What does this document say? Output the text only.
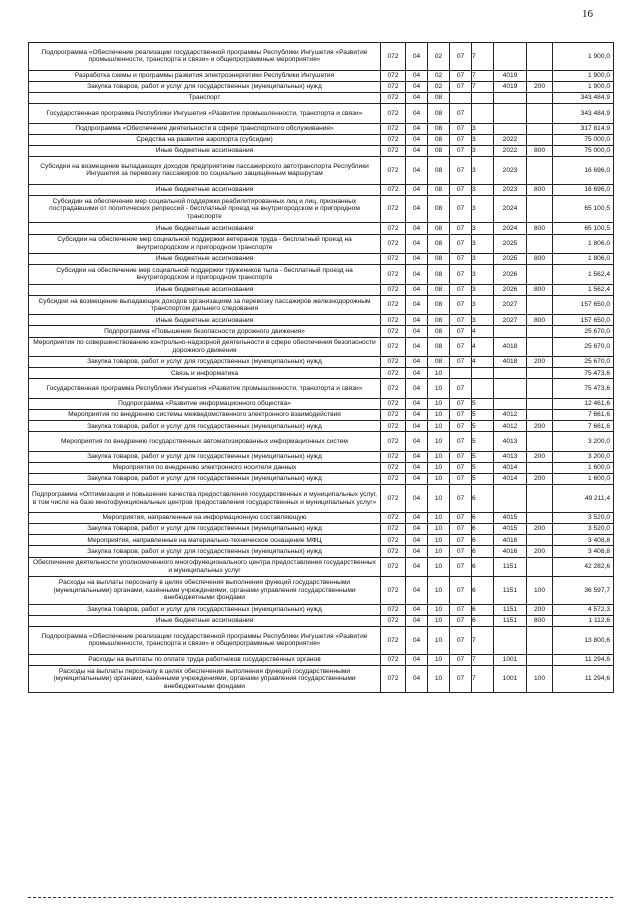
16
Подпрограмма «Обеспечение реализации государственной программы Республики Ингушетия «Развитие промышленности, транспорта и связи» и общепрограммные мероприятия»	072	04	02	07	7			1 900,0
Разработка схемы и программы развития электроэнергетики Республики Ингушетия	072	04	02	07	7	4019		1 900,0
Закупка товаров, работ и услуг для государственных (муниципальных) нужд	072	04	02	07	7	4019	200	1 900,0
Транспорт	072	04	08					343 484,9
Государственная программа Республики Ингушетия «Развитие промышленности, транспорта и связи»	072	04	08	07				343 484,9
Подпрограмма «Обеспечение деятельности в сфере транспортного обслуживания»	072	04	08	07	3			317 814,9
Средства на развитие аэропорта (субсидии)	072	04	08	07	3	2022		75 000,0
Иные бюджетные ассигнования	072	04	08	07	3	2022	800	75 000,0
Субсидии на возмещение выпадающих доходов предприятиям пассажирского автотранспорта Республики Ингушетия за перевозку пассажиров по социально защищённым маршрутам	072	04	08	07	3	2023		16 696,0
Иные бюджетные ассигнования	072	04	08	07	3	2023	800	16 696,0
Субсидии на обеспечение мер социальной поддержки реабилитированных лиц и лиц, признанных пострадавшими от политических репрессий - бесплатный проезд на внутригородском и пригородном транспорте	072	04	08	07	3	2024		65 100,5
Иные бюджетные ассигнования	072	04	08	07	3	2024	800	65 100,5
Субсидии на обеспечение мер социальной поддержки ветеранов труда - бесплатный проезд на внутригородском и пригородном транспорте	072	04	08	07	3	2025		1 806,0
Иные бюджетные ассигнования	072	04	08	07	3	2025	800	1 806,0
Субсидии на обеспечение мер социальной поддержки тружеников тыла - бесплатный проезд на внутригородском и пригородном транспорте	072	04	08	07	3	2026		1 562,4
Иные бюджетные ассигнования	072	04	08	07	3	2026	800	1 562,4
Субсидии на возмещение выпадающих доходов организациям за перевозку пассажиров железнодорожным транспортом дальнего следования	072	04	08	07	3	2027		157 650,0
Иные бюджетные ассигнования	072	04	08	07	3	2027	800	157 650,0
Подпрограмма «Повышение безопасности дорожного движения»	072	04	08	07	4			25 670,0
Мероприятия по совершенствованию контрольно-надзорной деятельности в сфере обеспечения безопасности дорожного движения	072	04	08	07	4	4018		25 670,0
Закупка товаров, работ и услуг для государственных (муниципальных) нужд	072	04	08	07	4	4018	200	25 670,0
Связь и информатика	072	04	10					75 473,6
Государственная программа Республики Ингушетия «Развитие промышленности, транспорта и связи»	072	04	10	07				75 473,6
Подпрограмма «Развитие информационного общества»	072	04	10	07	5			12 461,6
Мероприятия по внедрению системы межведомственного электронного взаимодействия	072	04	10	07	5	4012		7 661,6
Закупка товаров, работ и услуг для государственных (муниципальных) нужд	072	04	10	07	5	4012	200	7 661,6
Мероприятия по внедрению государственных автоматизированных информационных систем	072	04	10	07	5	4013		3 200,0
Закупка товаров, работ и услуг для государственных (муниципальных) нужд	072	04	10	07	5	4013	200	3 200,0
Мероприятия по внедрению электронного носителя данных	072	04	10	07	5	4014		1 600,0
Закупка товаров, работ и услуг для государственных (муниципальных) нужд	072	04	10	07	5	4014	200	1 600,0
Подпрограмма «Оптимизация и повышение качества предоставления государственных и муниципальных услуг, в том числе на базе многофункциональных центров предоставления государственных и муниципальных услуг»	072	04	10	07	6			49 211,4
Мероприятия, направленные на информационную составляющую	072	04	10	07	6	4015		3 520,0
Закупка товаров, работ и услуг для государственных (муниципальных) нужд	072	04	10	07	6	4015	200	3 520,0
Мероприятия, направленные на материально-техническое оснащение МФЦ	072	04	10	07	6	4016		3 408,8
Закупка товаров, работ и услуг для государственных (муниципальных) нужд	072	04	10	07	6	4016	200	3 408,8
Обеспечение деятельности уполномоченного многофункционального центра предоставления государственных и муниципальных услуг	072	04	10	07	6	1151		42 282,6
Расходы на выплаты персоналу в целях обеспечения выполнения функций государственными (муниципальными) органами, казёнными учреждениями, органами управления государственными внебюджетными фондами	072	04	10	07	6	1151	100	36 597,7
Закупка товаров, работ и услуг для государственных (муниципальных) нужд	072	04	10	07	6	1151	200	4 572,3
Иные бюджетные ассигнования	072	04	10	07	6	1151	800	1 112,6
Подпрограмма «Обеспечение реализации государственной программы Республики Ингушетия «Развитие промышленности, транспорта и связи» и общепрограммные мероприятия»	072	04	10	07	7			13 800,6
Расходы на выплаты по оплате труда работников государственных органов	072	04	10	07	7	1001		11 294,6
Расходы на выплаты персоналу в целях обеспечения выполнения функций государственными (муниципальными) органами, казёнными учреждениями, органами управления государственными внебюджетными фондами	072	04	10	07	7	1001	100	11 294,6
